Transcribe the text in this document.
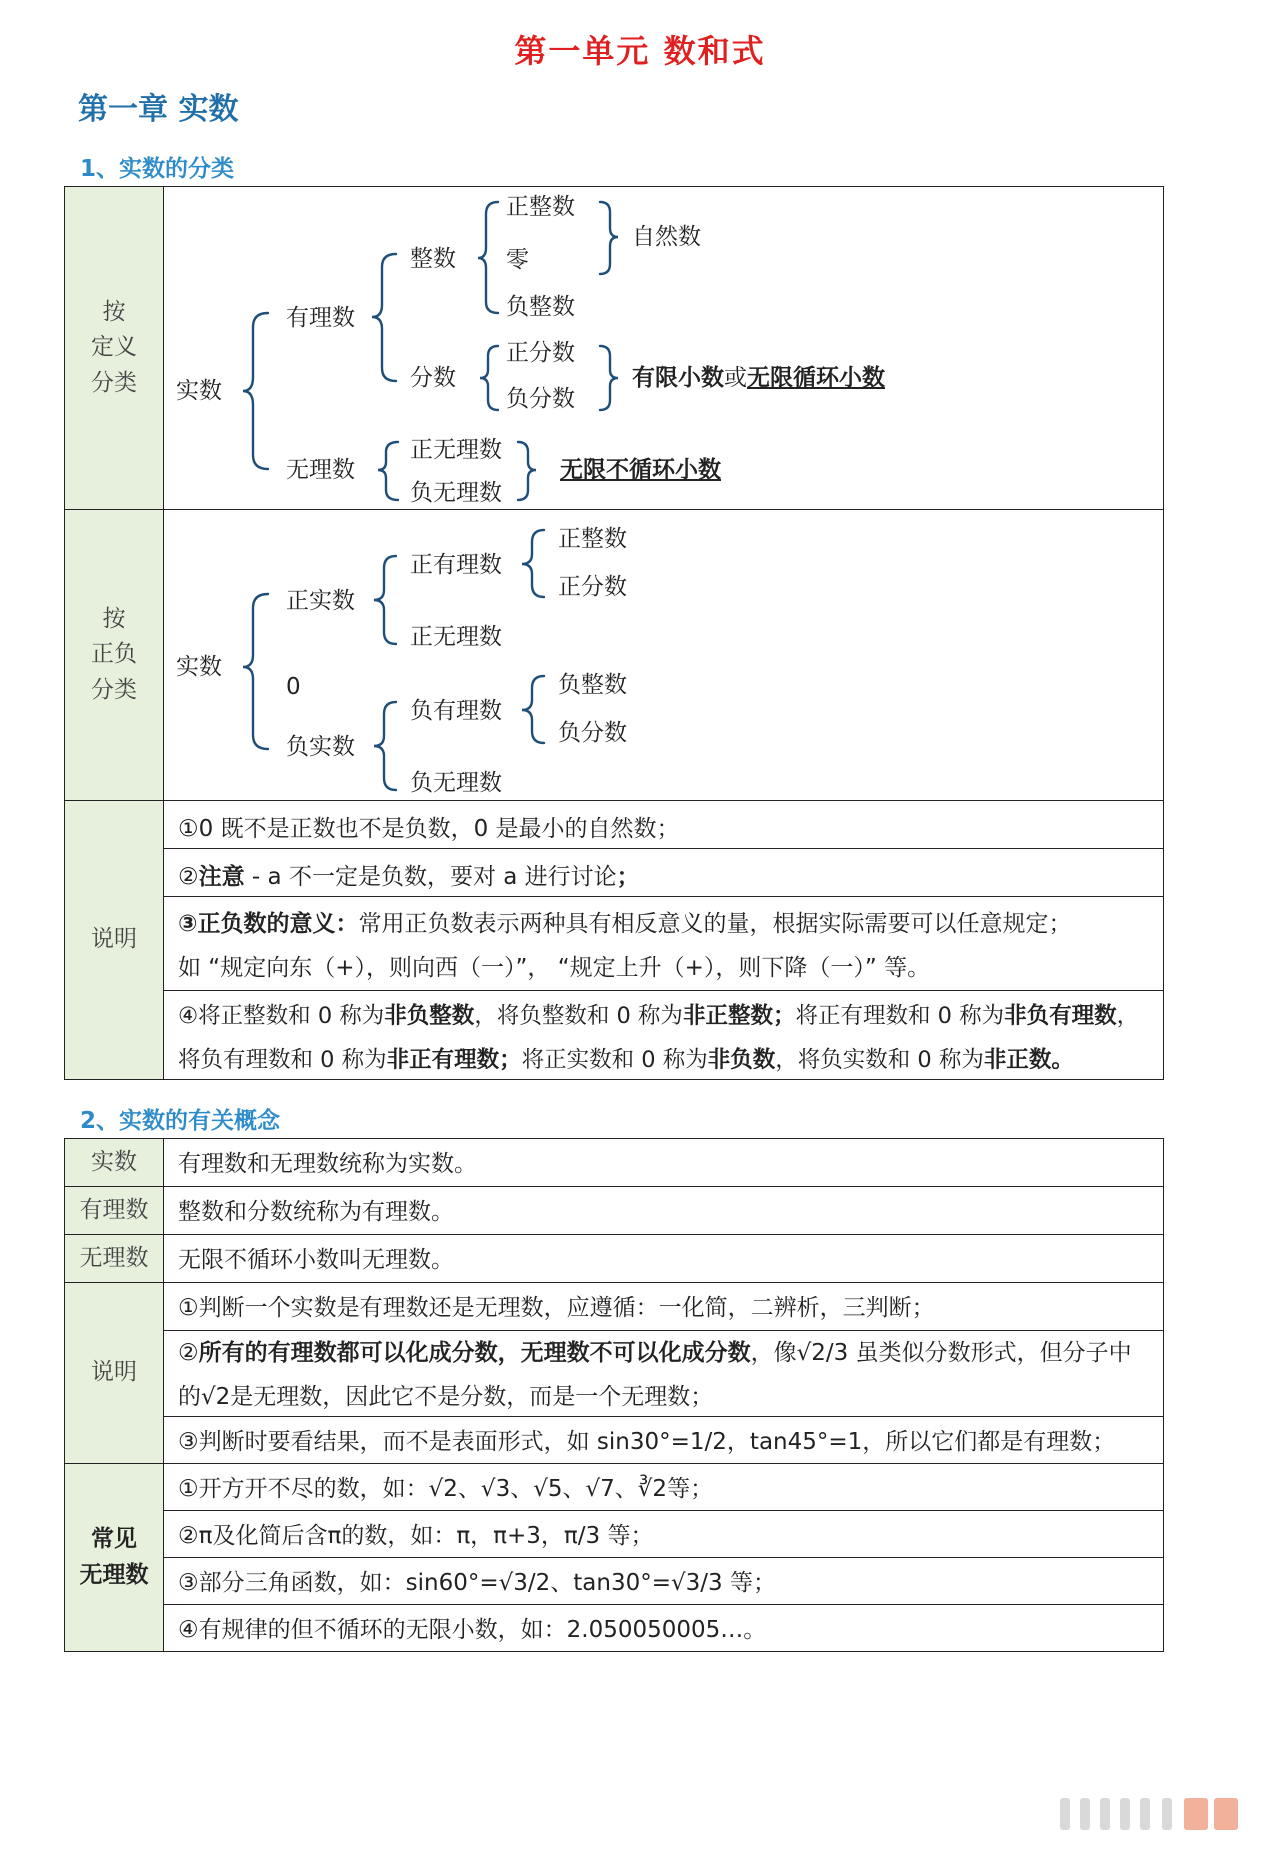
第一单元 数和式
第一章 实数
1、实数的分类
按
定义
分类
按
正负
分类
说明
实数
有理数
整数
正整数
零
负整数
自然数
分数
正分数
负分数
有限小数或无限循环小数
无理数
正无理数
负无理数
无限不循环小数
实数
正实数
正有理数
正整数
正分数
正无理数
0
负实数
负有理数
负整数
负分数
负无理数
①0 既不是正数也不是负数，0 是最小的自然数；
②注意 - a 不一定是负数，要对 a 进行讨论；
③正负数的意义：常用正负数表示两种具有相反意义的量，根据实际需要可以任意规定；
如 “规定向东（+），则向西（一）”， “规定上升（+），则下降（一）” 等。
④将正整数和 0 称为非负整数，将负整数和 0 称为非正整数；将正有理数和 0 称为非负有理数，
将负有理数和 0 称为非正有理数；将正实数和 0 称为非负数，将负实数和 0 称为非正数。
2、实数的有关概念
实数
有理数
无理数
说明
常见
无理数
有理数和无理数统称为实数。
整数和分数统称为有理数。
无限不循环小数叫无理数。
①判断一个实数是有理数还是无理数，应遵循：一化简，二辨析，三判断；
②所有的有理数都可以化成分数，无理数不可以化成分数，像√2/3 虽类似分数形式，但分子中
的√2是无理数，因此它不是分数，而是一个无理数；
③判断时要看结果，而不是表面形式，如 sin30°=1/2，tan45°=1，所以它们都是有理数；
①开方开不尽的数，如：√2、√3、√5、√7、∛2等；
②π及化简后含π的数，如：π，π+3，π/3 等；
③部分三角函数，如：sin60°=√3/2、tan30°=√3/3 等；
④有规律的但不循环的无限小数，如：2.050050005…。
